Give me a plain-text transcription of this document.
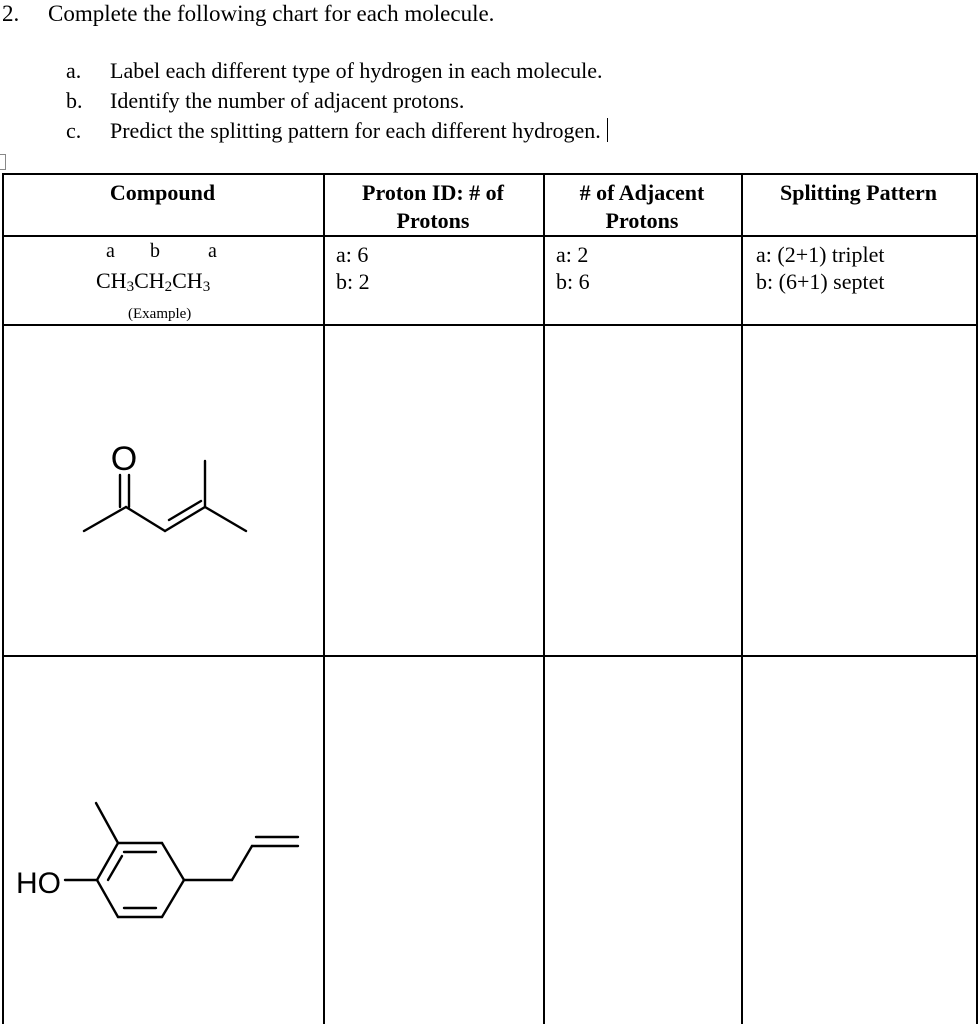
2. Complete the following chart for each molecule.
a. Label each different type of hydrogen in each molecule.
b. Identify the number of adjacent protons.
c. Predict the splitting pattern for each different hydrogen.
Compound	Proton ID: # of
Protons
# of Adjacent
Protons
Splitting Pattern
a b a
$CH_3CH_2CH_3$
(Example)
a: 6
b: 2
a: 2
b: 6
a: (2+1) triplet
b: (6+1) septet
O
HO
